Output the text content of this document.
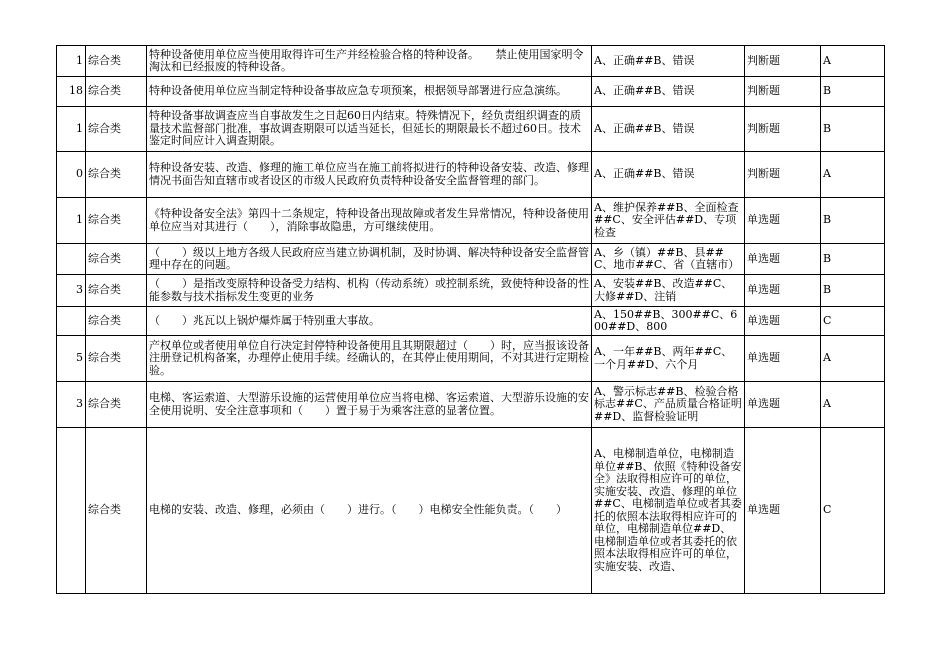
1	综合类	特种设备使用单位应当使用取得许可生产并经检验合格的特种设备。　　禁止使用国家明令淘汰和已经报废的特种设备。	A、正确##B、错误	判断题	A
18	综合类	特种设备使用单位应当制定特种设备事故应急专项预案，根据领导部署进行应急演练。	A、正确##B、错误	判断题	B
1	综合类	特种设备事故调查应当自事故发生之日起60日内结束。特殊情况下，经负责组织调查的质量技术监督部门批准，事故调查期限可以适当延长，但延长的期限最长不超过60日。技术鉴定时间应计入调查期限。	A、正确##B、错误	判断题	B
0	综合类	特种设备安装、改造、修理的施工单位应当在施工前将拟进行的特种设备安装、改造、修理情况书面告知直辖市或者设区的市级人民政府负责特种设备安全监督管理的部门。	A、正确##B、错误	判断题	A
1	综合类	《特种设备安全法》第四十二条规定，特种设备出现故障或者发生异常情况，特种设备使用单位应当对其进行（　　），消除事故隐患，方可继续使用。	A、维护保养##B、全面检查##C、安全评估##D、专项检查	单选题	B
	综合类	（　　）级以上地方各级人民政府应当建立协调机制，及时协调、解决特种设备安全监督管理中存在的问题。	A、乡（镇）##B、县##C、地市##C、省（直辖市）	单选题	B
3	综合类	（　　）是指改变原特种设备受力结构、机构（传动系统）或控制系统，致使特种设备的性能参数与技术指标发生变更的业务	A、安装##B、改造##C、大修##D、注销	单选题	B
	综合类	（　　）兆瓦以上锅炉爆炸属于特别重大事故。	A、150##B、300##C、600##D、800	单选题	C
5	综合类	产权单位或者使用单位自行决定封停特种设备使用且其期限超过（　　）时，应当报该设备注册登记机构备案，办理停止使用手续。经确认的，在其停止使用期间，不对其进行定期检验。	A、一年##B、两年##C、一个月##D、六个月	单选题	A
3	综合类	电梯、客运索道、大型游乐设施的运营使用单位应当将电梯、客运索道、大型游乐设施的安全使用说明、安全注意事项和（　　）置于易于为乘客注意的显著位置。	A、警示标志##B、检验合格标志##C、产品质量合格证明##D、监督检验证明	单选题	A
	综合类	电梯的安装、改造、修理，必须由（　　）进行。（　　）电梯安全性能负责。（　　）	A、电梯制造单位，电梯制造单位##B、依照《特种设备安全》法取得相应许可的单位，实施安装、改造、修理的单位##C、电梯制造单位或者其委托的依照本法取得相应许可的单位，电梯制造单位##D、电梯制造单位或者其委托的依照本法取得相应许可的单位，实施安装、改造、	单选题	C
